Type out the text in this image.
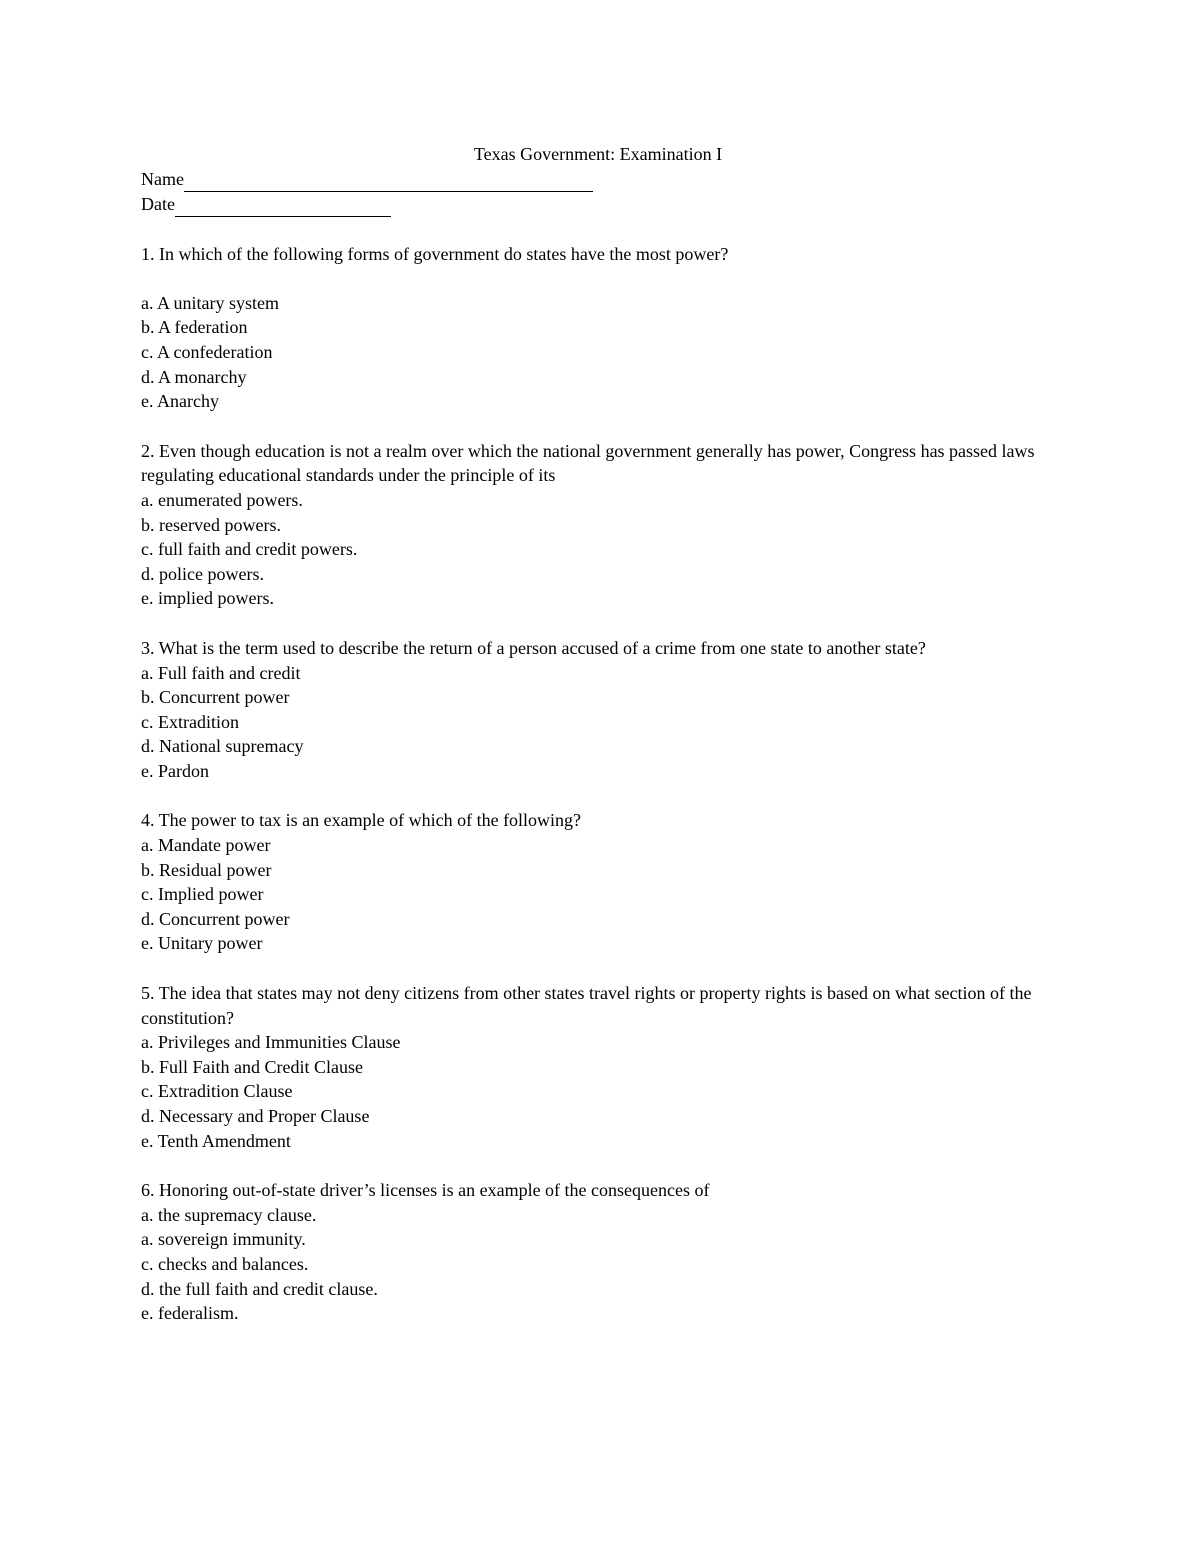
Texas Government: Examination I
Name
Date

1. In which of the following forms of government do states have the most power?

a. A unitary system

b. A federation

c. A confederation

d. A monarchy

e. Anarchy

2. Even though education is not a realm over which the national government generally has power, Congress has passed laws regulating educational standards under the principle of its

a. enumerated powers.

b. reserved powers.

c. full faith and credit powers.

d. police powers.

e. implied powers.

3. What is the term used to describe the return of a person accused of a crime from one state to another state?

a. Full faith and credit

b. Concurrent power

c. Extradition

d. National supremacy

e. Pardon

4. The power to tax is an example of which of the following?

a. Mandate power

b. Residual power

c. Implied power

d. Concurrent power

e. Unitary power

5. The idea that states may not deny citizens from other states travel rights or property rights is based on what section of the constitution?

a. Privileges and Immunities Clause

b. Full Faith and Credit Clause

c. Extradition Clause

d. Necessary and Proper Clause

e. Tenth Amendment

6. Honoring out-of-state driver’s licenses is an example of the consequences of

a. the supremacy clause.

a. sovereign immunity.

c. checks and balances.

d. the full faith and credit clause.

e. federalism.
